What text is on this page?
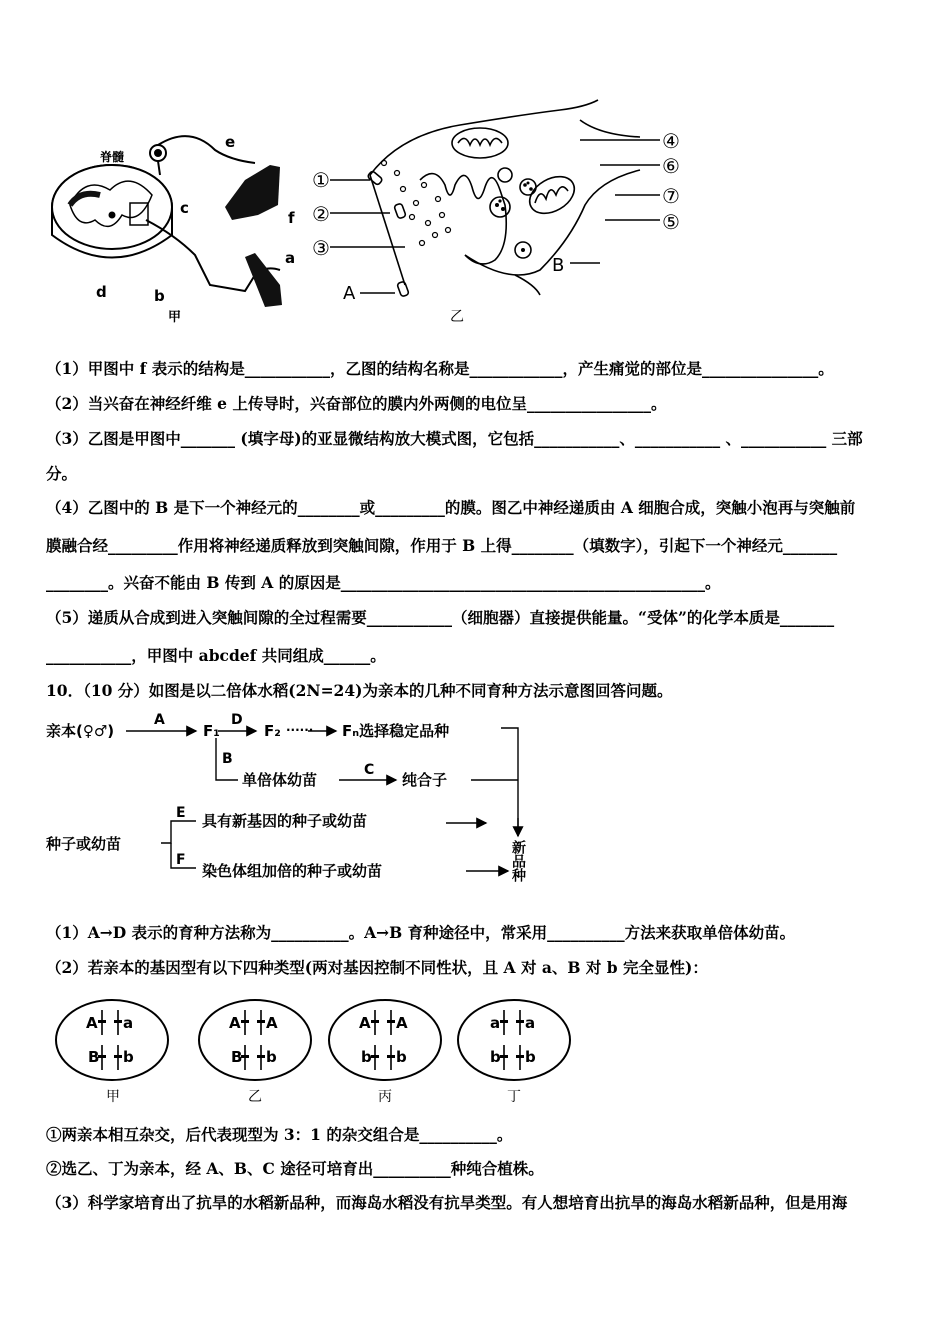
脊髓
e
f
c
a
d	b
甲
①
②
③
A
④
⑥
⑦
⑤
B
乙
（1）甲图中 f 表示的结构是___________，乙图的结构名称是____________，产生痛觉的部位是_______________。
（2）当兴奋在神经纤维 e 上传导时，兴奋部位的膜内外两侧的电位呈________________。
（3）乙图是甲图中_______ (填字母)的亚显微结构放大模式图，它包括___________、___________ 、___________ 三部
分。
（4）乙图中的 B 是下一个神经元的________或_________的膜。图乙中神经递质由 A 细胞合成，突触小泡再与突触前
膜融合经_________作用将神经递质释放到突触间隙，作用于 B 上得________（填数字），引起下一个神经元_______
________。兴奋不能由 B 传到 A 的原因是_______________________________________________。
（5）递质从合成到进入突触间隙的全过程需要___________（细胞器）直接提供能量。“受体”的化学本质是_______
___________，甲图中 abcdef 共同组成______。
10．（10 分）如图是以二倍体水稻(2N=24)为亲本的几种不同育种方法示意图回答问题。
亲本(♀♂)
A
F₁
D
F₂ ······ Fₙ选择稳定品种
B
单倍体幼苗
C
纯合子
种子或幼苗
E 具有新基因的种子或幼苗
F
染色体组加倍的种子或幼苗	新品种
（1）A→D 表示的育种方法称为__________。A→B 育种途径中，常采用__________方法来获取单倍体幼苗。
（2）若亲本的基因型有以下四种类型(两对基因控制不同性状，且 A 对 a、B 对 b 完全显性)：
A a
B b
A A
B b
A A
b b
a a
b b
甲	乙	丙	丁
①两亲本相互杂交，后代表现型为 3：1 的杂交组合是__________。
②选乙、丁为亲本，经 A、B、C 途径可培育出__________种纯合植株。
（3）科学家培育出了抗旱的水稻新品种，而海岛水稻没有抗旱类型。有人想培育出抗旱的海岛水稻新品种，但是用海
